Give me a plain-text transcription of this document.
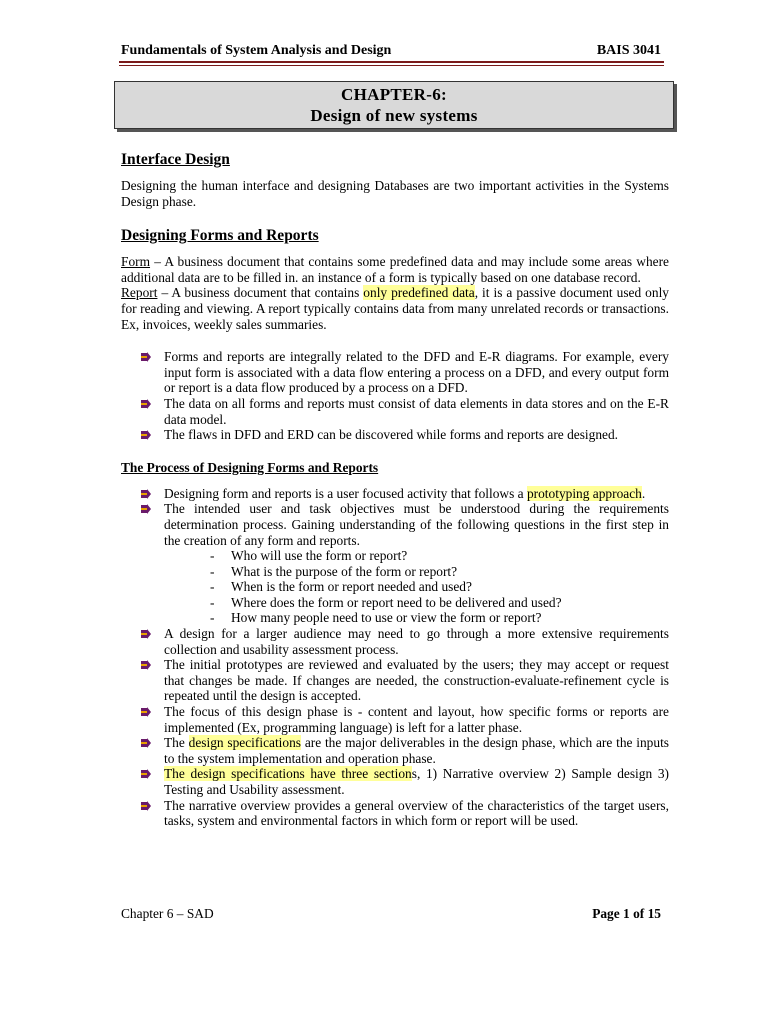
Fundamentals of System Analysis and Design	BAIS 3041
CHAPTER-6:
Design of new systems
Interface Design

Designing the human interface and designing Databases are two important activities in the Systems Design phase.

Designing Forms and Reports

Form – A business document that contains some predefined data and may include some areas where additional data are to be filled in. an instance of a form is typically based on one database record.

Report – A business document that contains only predefined data, it is a passive document used only for reading and viewing. A report typically contains data from many unrelated records or transactions. Ex, invoices, weekly sales summaries.

Forms and reports are integrally related to the DFD and E-R diagrams. For example, every input form is associated with a data flow entering a process on a DFD, and every output form or report is a data flow produced by a process on a DFD.
The data on all forms and reports must consist of data elements in data stores and on the E-R data model.
The flaws in DFD and ERD can be discovered while forms and reports are designed.
The Process of Designing Forms and Reports
Designing form and reports is a user focused activity that follows a prototyping approach.
The intended user and task objectives must be understood during the requirements determination process. Gaining understanding of the following questions in the first step in the creation of any form and reports.
- Who will use the form or report?
- What is the purpose of the form or report?
- When is the form or report needed and used?
- Where does the form or report need to be delivered and used?
- How many people need to use or view the form or report?
A design for a larger audience may need to go through a more extensive requirements collection and usability assessment process.
The initial prototypes are reviewed and evaluated by the users; they may accept or request that changes be made. If changes are needed, the construction-evaluate-refinement cycle is repeated until the design is accepted.
The focus of this design phase is - content and layout, how specific forms or reports are implemented (Ex, programming language) is left for a latter phase.
The design specifications are the major deliverables in the design phase, which are the inputs to the system implementation and operation phase.
The design specifications have three sections, 1) Narrative overview 2) Sample design 3) Testing and Usability assessment.
The narrative overview provides a general overview of the characteristics of the target users, tasks, system and environmental factors in which form or report will be used.
Chapter 6 – SAD	Page 1 of 15
